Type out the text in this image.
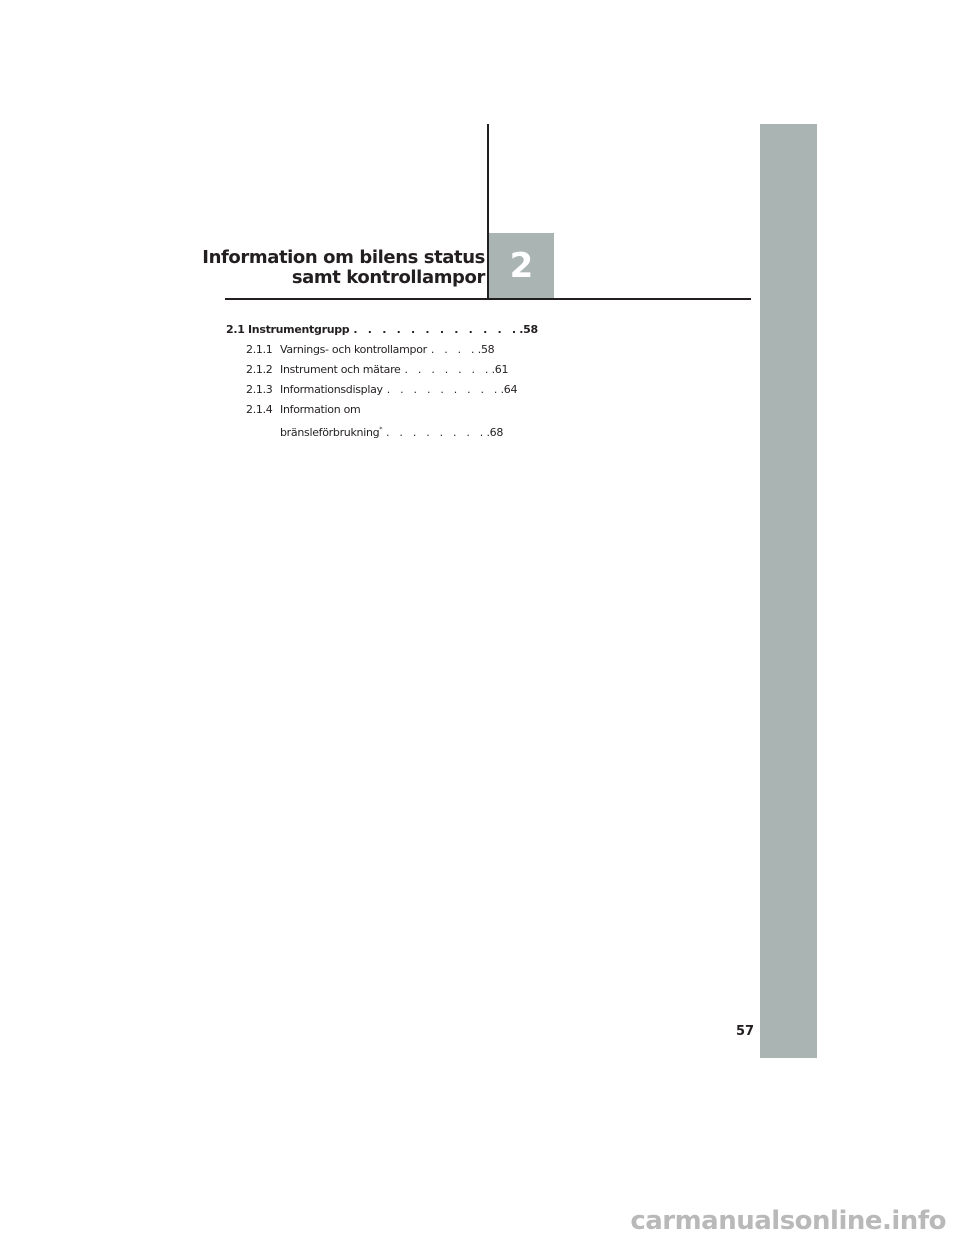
2
Information om bilens status
samt kontrollampor
2.1 Instrumentgrupp . . . . . . . . . . . . .58
2.1.1 Varnings- och kontrollampor . . . . .58
2.1.2 Instrument och mätare . . . . . . . .61
2.1.3 Informationsdisplay . . . . . . . . . .64
2.1.4 Information om
bränsleförbrukning* . . . . . . . . .68
57
carmanualsonline.info
